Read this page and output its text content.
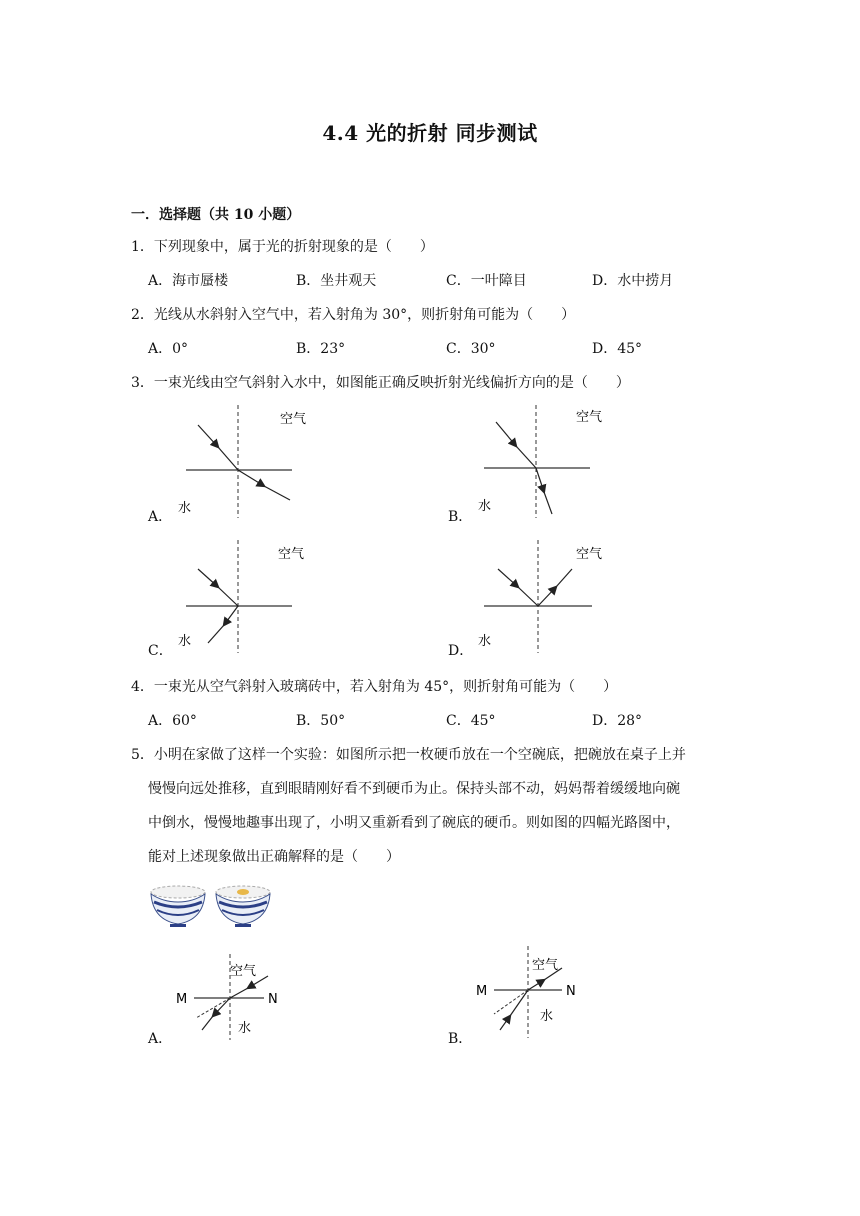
4.4 光的折射 同步测试
一．选择题（共 10 小题）
1．下列现象中，属于光的折射现象的是（　　）
A．海市蜃楼	B．坐井观天	C．一叶障目	D．水中捞月
2．光线从水斜射入空气中，若入射角为 30°，则折射角可能为（　　）
A．0°	B．23°	C．30°	D．45°
3．一束光线由空气斜射入水中，如图能正确反映折射光线偏折方向的是（　　）
A．	B．
C．	D．
空气
水
空气
水
空气
水
空气
水
4．一束光从空气斜射入玻璃砖中，若入射角为 45°，则折射角可能为（　　）
A．60°	B．50°	C．45°	D．28°
5．小明在家做了这样一个实验：如图所示把一枚硬币放在一个空碗底，把碗放在桌子上并
慢慢向远处推移，直到眼睛刚好看不到硬币为止。保持头部不动，妈妈帮着缓缓地向碗
中倒水，慢慢地趣事出现了，小明又重新看到了碗底的硬币。则如图的四幅光路图中，
能对上述现象做出正确解释的是（　　）
A．	B．
空气
水
M	N
空气
水
M	N
